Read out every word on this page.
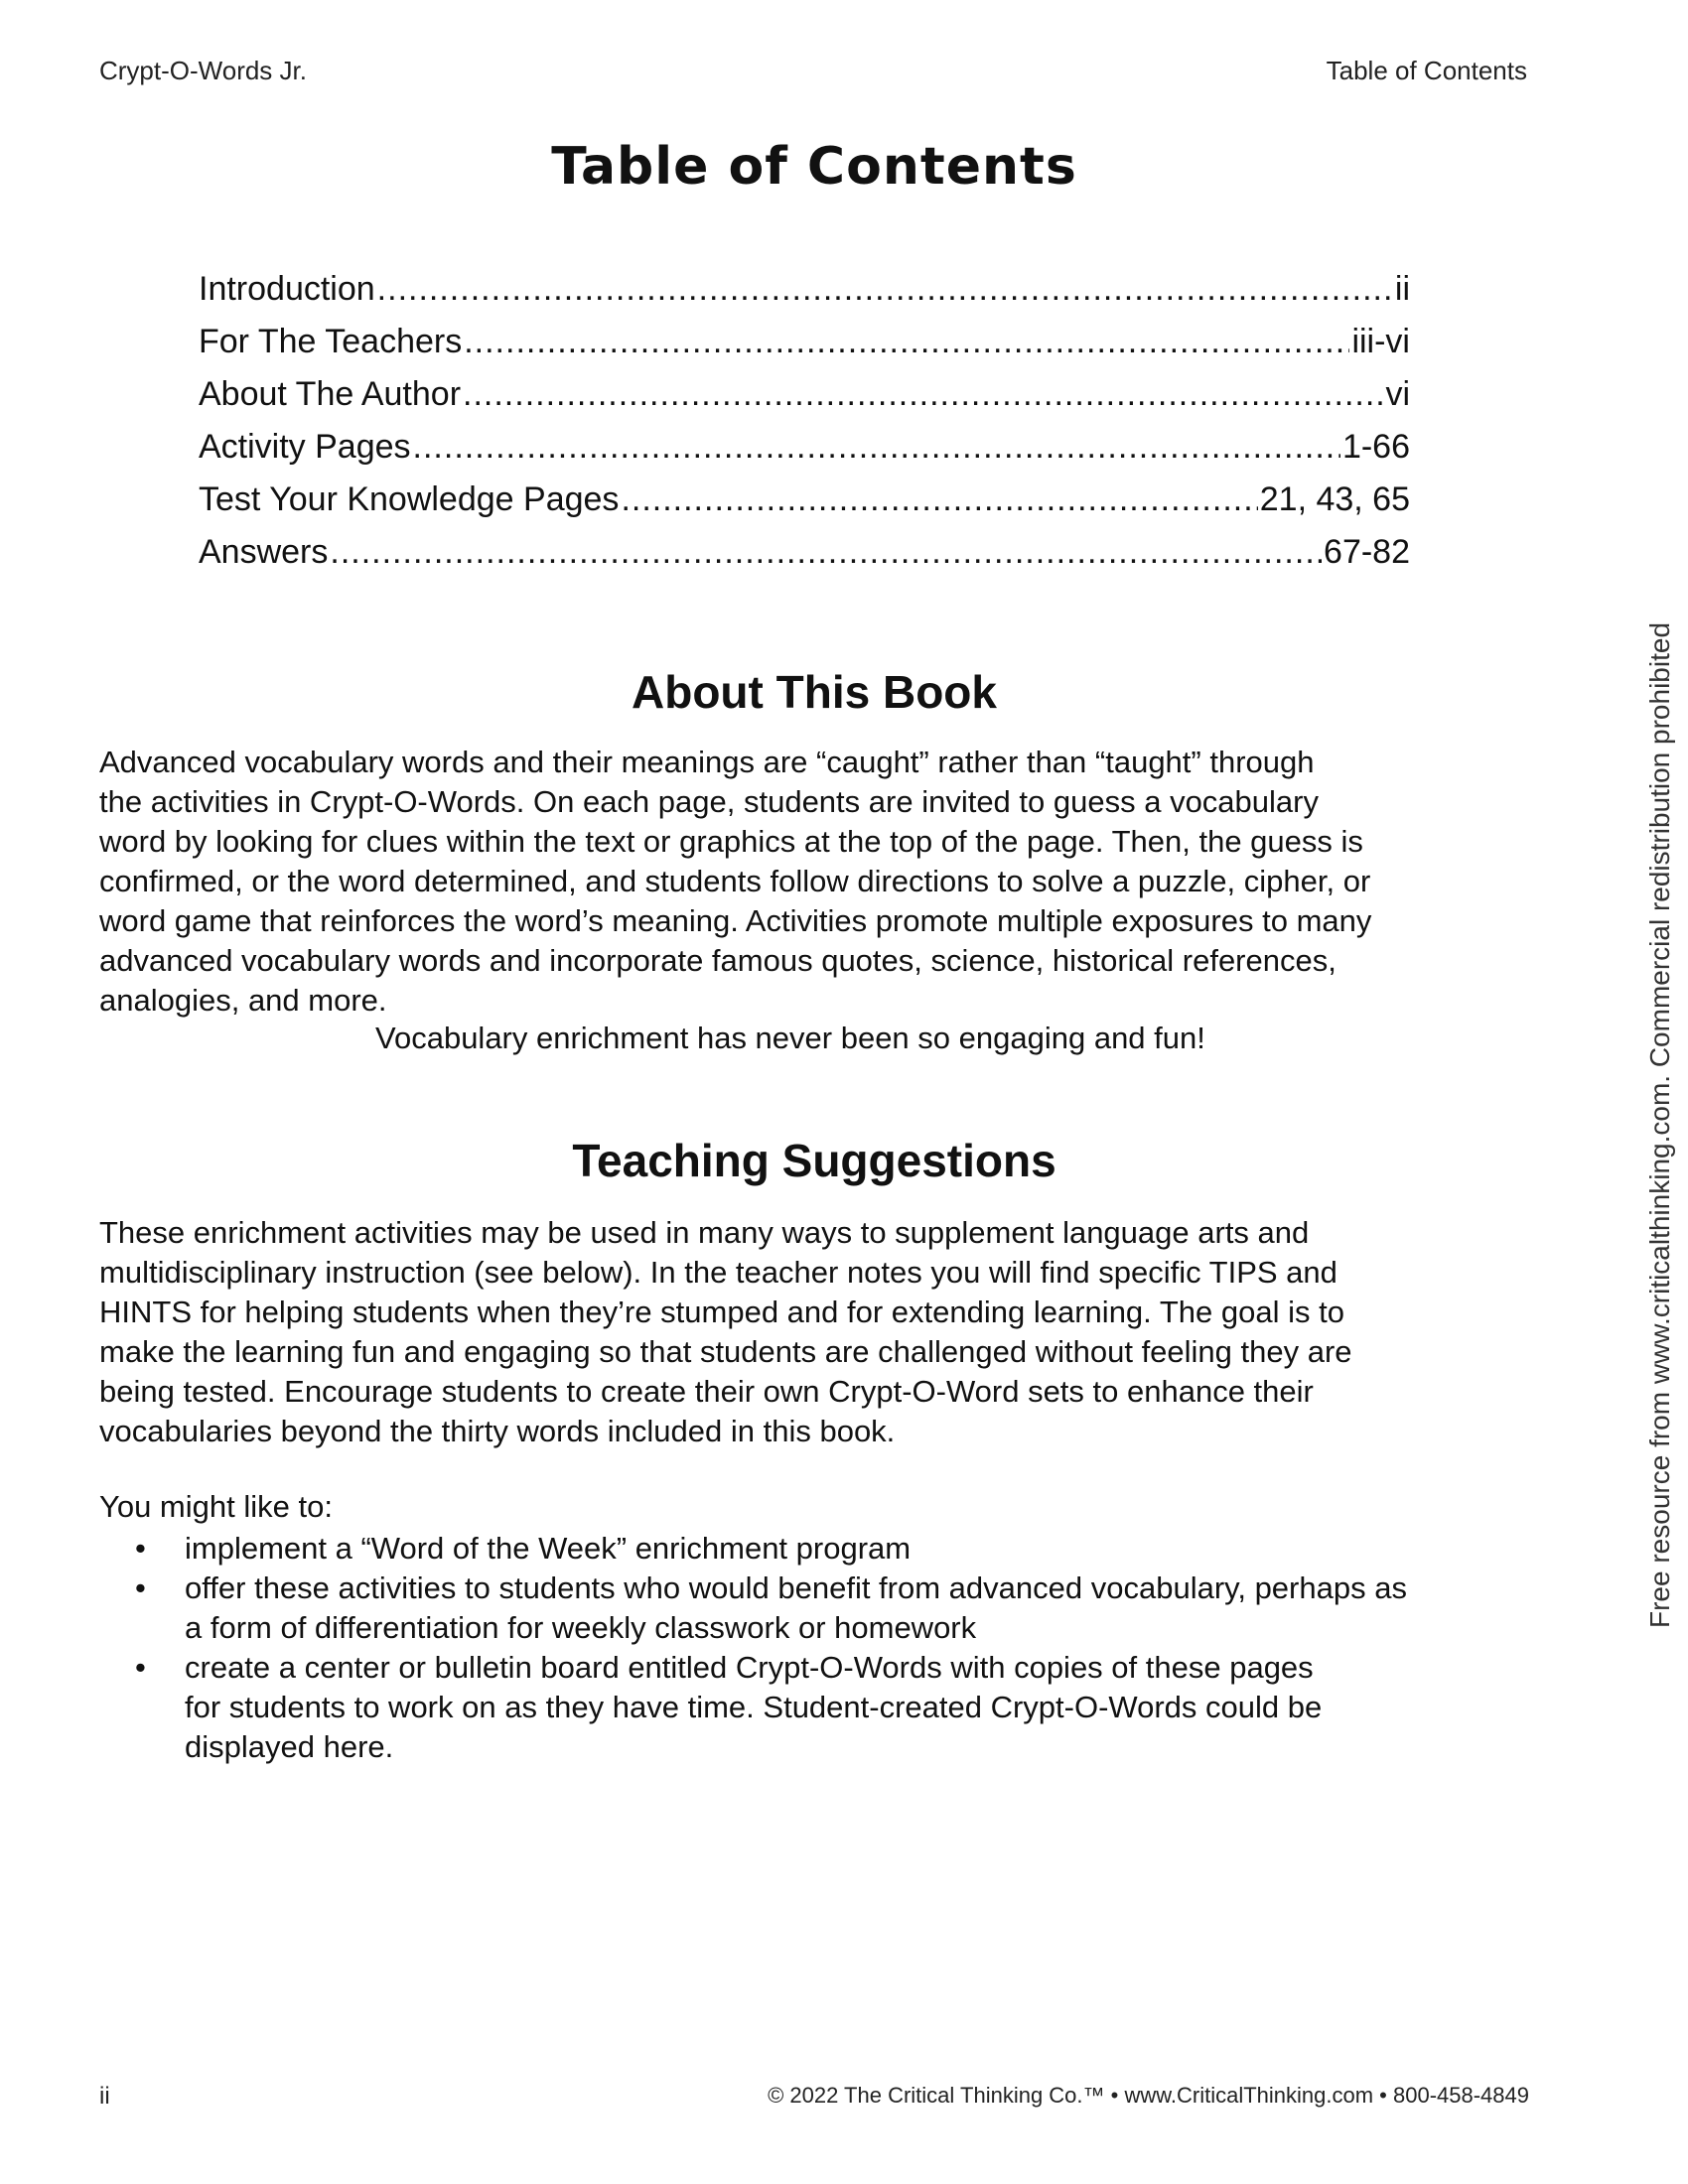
Crypt-O-Words Jr.	Table of Contents
Table of Contents
Introduction .....	ii
For The Teachers .....	iii-vi
About The Author .....	vi
Activity Pages .....	1-66
Test Your Knowledge Pages .....	21, 43, 65
Answers .....	67-82
About This Book

Advanced vocabulary words and their meanings are “caught” rather than “taught” through
the activities in Crypt-O-Words. On each page, students are invited to guess a vocabulary
word by looking for clues within the text or graphics at the top of the page. Then, the guess is
confirmed, or the word determined, and students follow directions to solve a puzzle, cipher, or
word game that reinforces the word’s meaning. Activities promote multiple exposures to many
advanced vocabulary words and incorporate famous quotes, science, historical references,
analogies, and more.

Vocabulary enrichment has never been so engaging and fun!

Teaching Suggestions

These enrichment activities may be used in many ways to supplement language arts and
multidisciplinary instruction (see below). In the teacher notes you will find specific TIPS and
HINTS for helping students when they’re stumped and for extending learning. The goal is to
make the learning fun and engaging so that students are challenged without feeling they are
being tested. Encourage students to create their own Crypt-O-Word sets to enhance their
vocabularies beyond the thirty words included in this book.

You might like to:

• implement a “Word of the Week” enrichment program
• offer these activities to students who would benefit from advanced vocabulary, perhaps as
a form of differentiation for weekly classwork or homework
• create a center or bulletin board entitled Crypt-O-Words with copies of these pages
for students to work on as they have time. Student-created Crypt-O-Words could be
displayed here.
Free resource from www.criticalthinking.com. Commercial redistribution prohibited
ii	© 2022 The Critical Thinking Co.™ • www.CriticalThinking.com • 800-458-4849
